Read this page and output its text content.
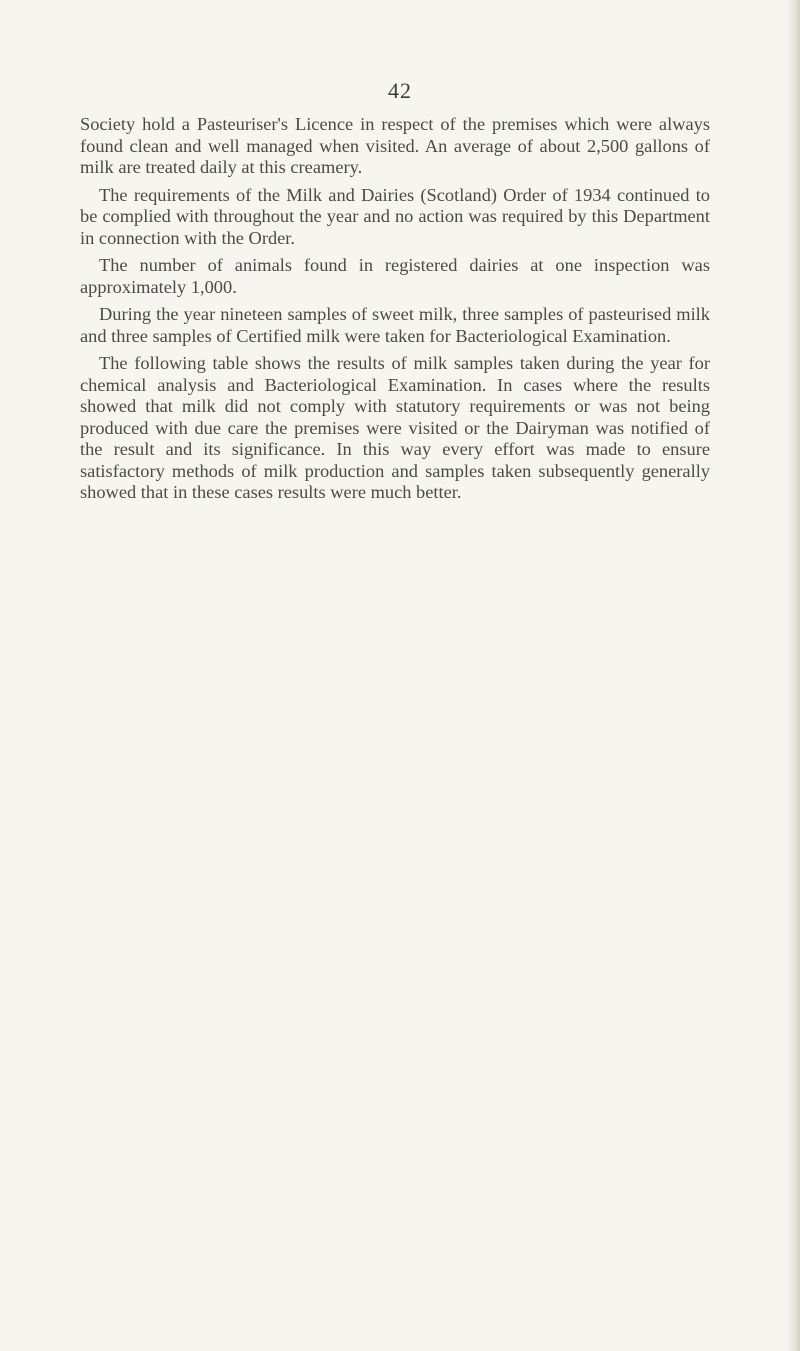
42

Society hold a Pasteuriser's Licence in respect of the premises which were always found clean and well managed when visited. An average of about 2,500 gallons of milk are treated daily at this creamery.

The requirements of the Milk and Dairies (Scotland) Order of 1934 continued to be complied with throughout the year and no action was required by this Department in connection with the Order.

The number of animals found in registered dairies at one inspection was approximately 1,000.

During the year nineteen samples of sweet milk, three samples of pasteurised milk and three samples of Certified milk were taken for Bacteriological Examination.

The following table shows the results of milk samples taken during the year for chemical analysis and Bacteriological Examination. In cases where the results showed that milk did not comply with statutory requirements or was not being produced with due care the premises were visited or the Dairyman was notified of the result and its significance. In this way every effort was made to ensure satisfactory methods of milk production and samples taken subsequently generally showed that in these cases results were much better.
